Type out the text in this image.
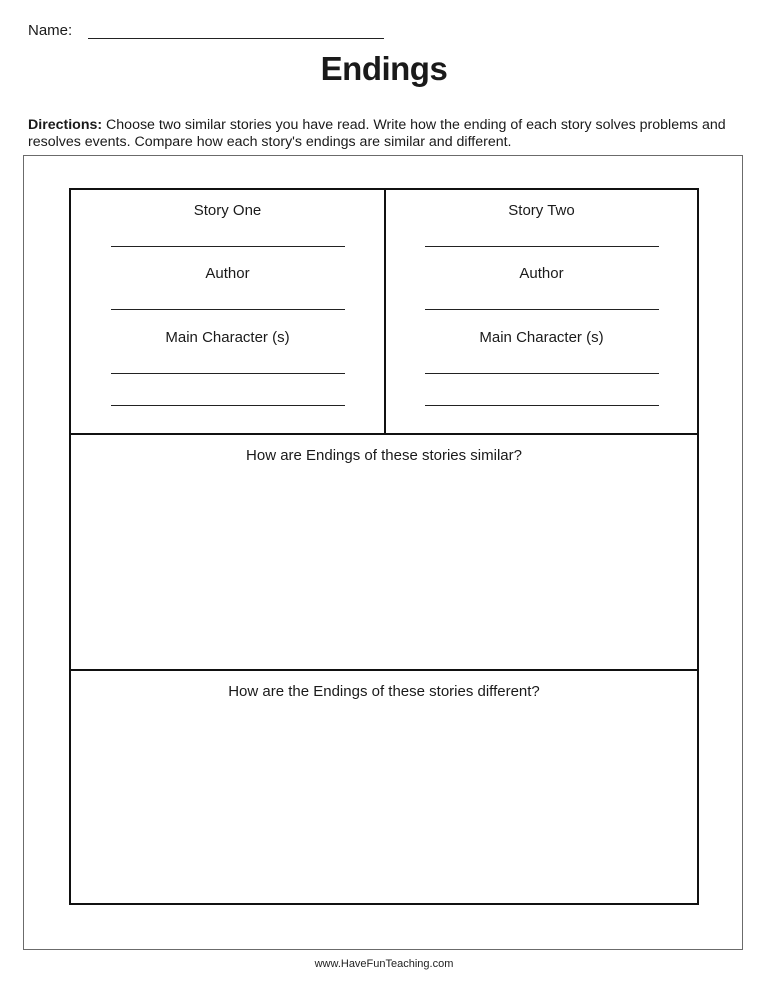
Name:
Endings
Directions: Choose two similar stories you have read. Write how the ending of each story solves problems and resolves events. Compare how each story's endings are similar and different.
Story One
Author
Main Character (s)
Story Two
Author
Main Character (s)
How are Endings of these stories similar?
How are the Endings of these stories different?
www.HaveFunTeaching.com
